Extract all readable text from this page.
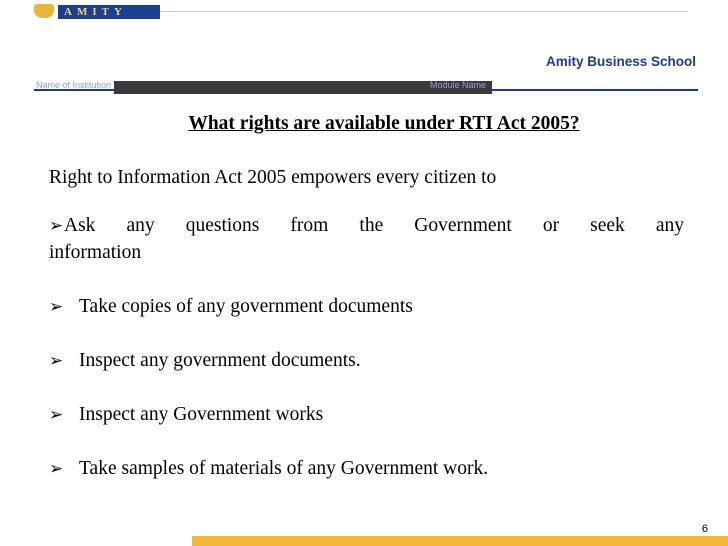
AMITY
Amity Business School
Name of Institution	Module Name
What rights are available under RTI Act 2005?

Right to Information Act 2005 empowers every citizen to

➢ Ask any questions from the Government or seek any
information
➢ Take copies of any government documents
➢ Inspect any government documents.
➢ Inspect any Government works
➢ Take samples of materials of any Government work.
6
